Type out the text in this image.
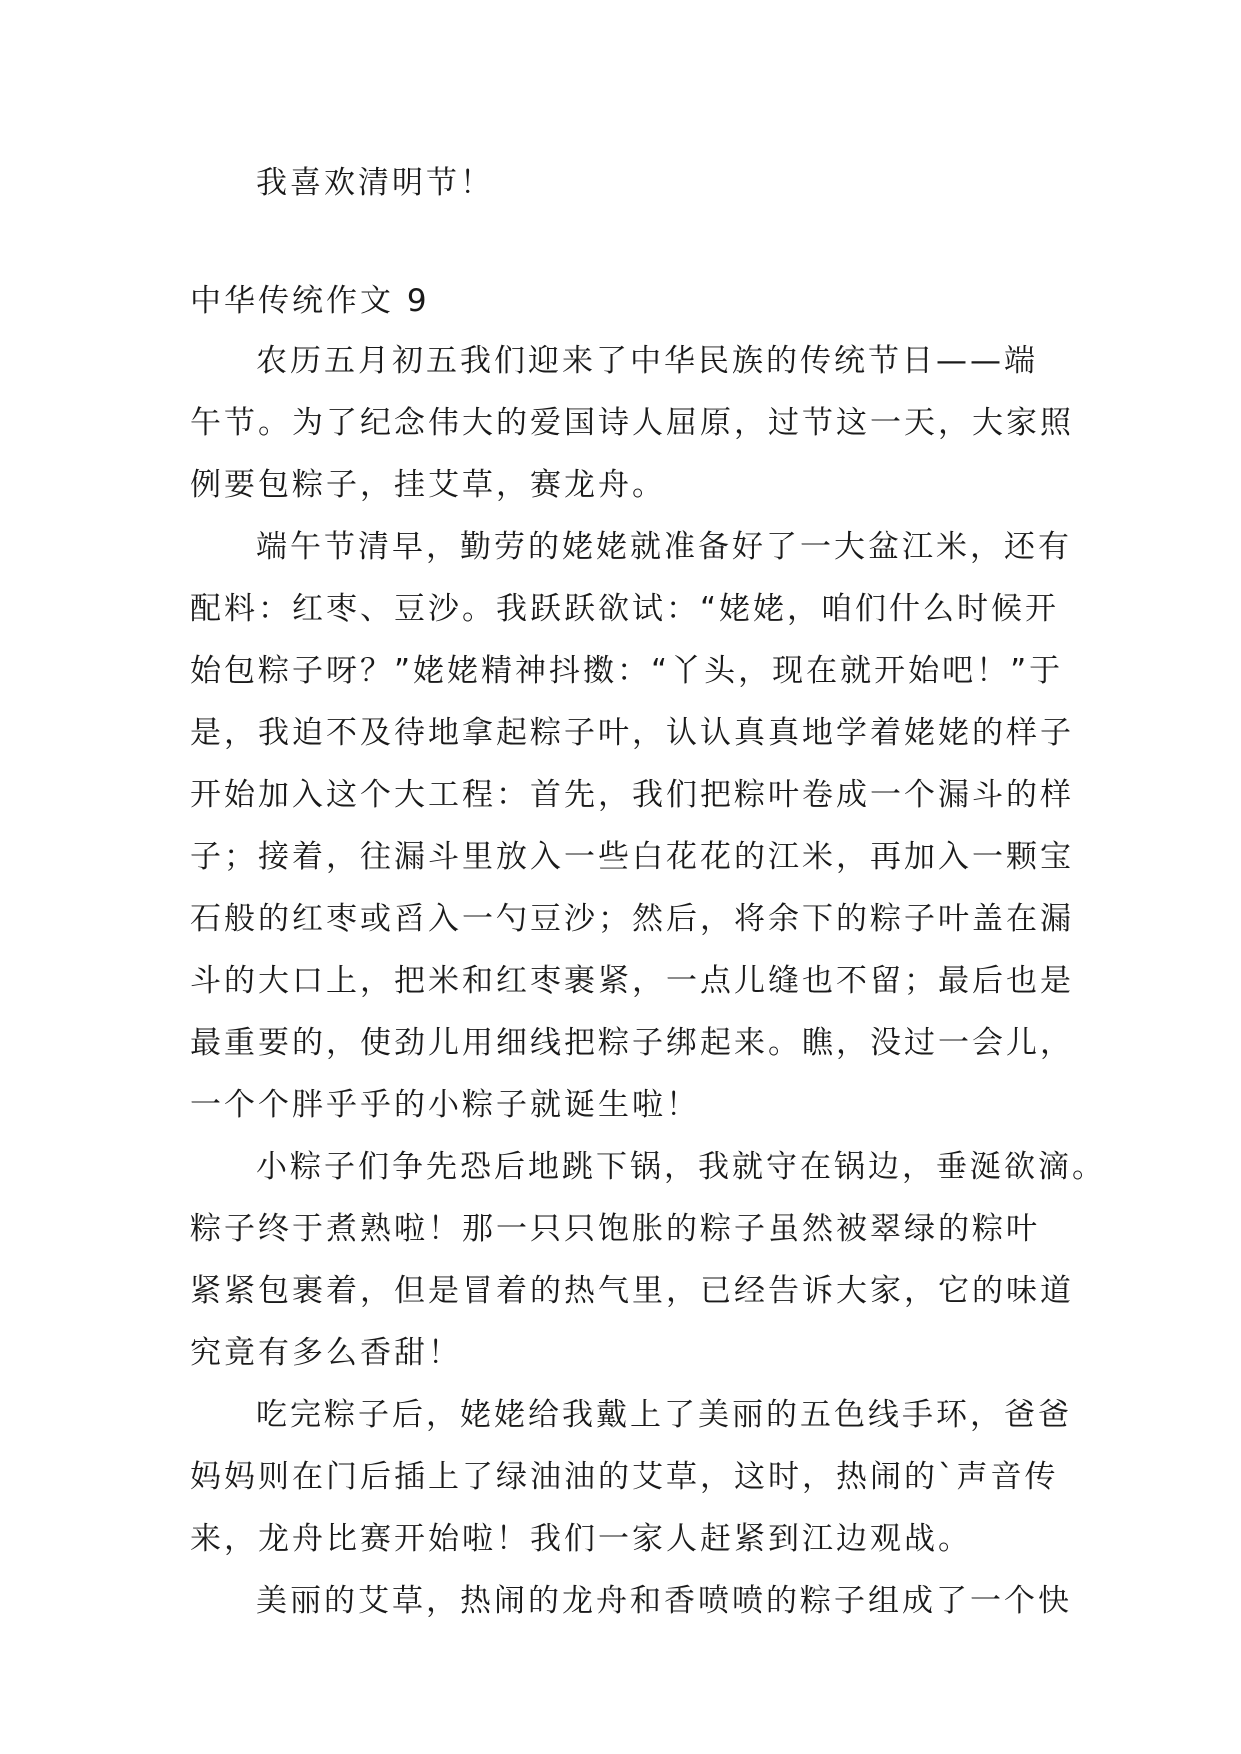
我喜欢清明节！
中华传统作文 9
农历五月初五我们迎来了中华民族的传统节日——端
午节。为了纪念伟大的爱国诗人屈原，过节这一天，大家照
例要包粽子，挂艾草，赛龙舟。
端午节清早，勤劳的姥姥就准备好了一大盆江米，还有
配料：红枣、豆沙。我跃跃欲试：“姥姥，咱们什么时候开
始包粽子呀？”姥姥精神抖擞：“丫头，现在就开始吧！”于
是，我迫不及待地拿起粽子叶，认认真真地学着姥姥的样子
开始加入这个大工程：首先，我们把粽叶卷成一个漏斗的样
子；接着，往漏斗里放入一些白花花的江米，再加入一颗宝
石般的红枣或舀入一勺豆沙；然后，将余下的粽子叶盖在漏
斗的大口上，把米和红枣裹紧，一点儿缝也不留；最后也是
最重要的，使劲儿用细线把粽子绑起来。瞧，没过一会儿，
一个个胖乎乎的小粽子就诞生啦！
小粽子们争先恐后地跳下锅，我就守在锅边，垂涎欲滴。
粽子终于煮熟啦！那一只只饱胀的粽子虽然被翠绿的粽叶
紧紧包裹着，但是冒着的热气里，已经告诉大家，它的味道
究竟有多么香甜！
吃完粽子后，姥姥给我戴上了美丽的五色线手环，爸爸
妈妈则在门后插上了绿油油的艾草，这时，热闹的`声音传
来，龙舟比赛开始啦！我们一家人赶紧到江边观战。
美丽的艾草，热闹的龙舟和香喷喷的粽子组成了一个快
